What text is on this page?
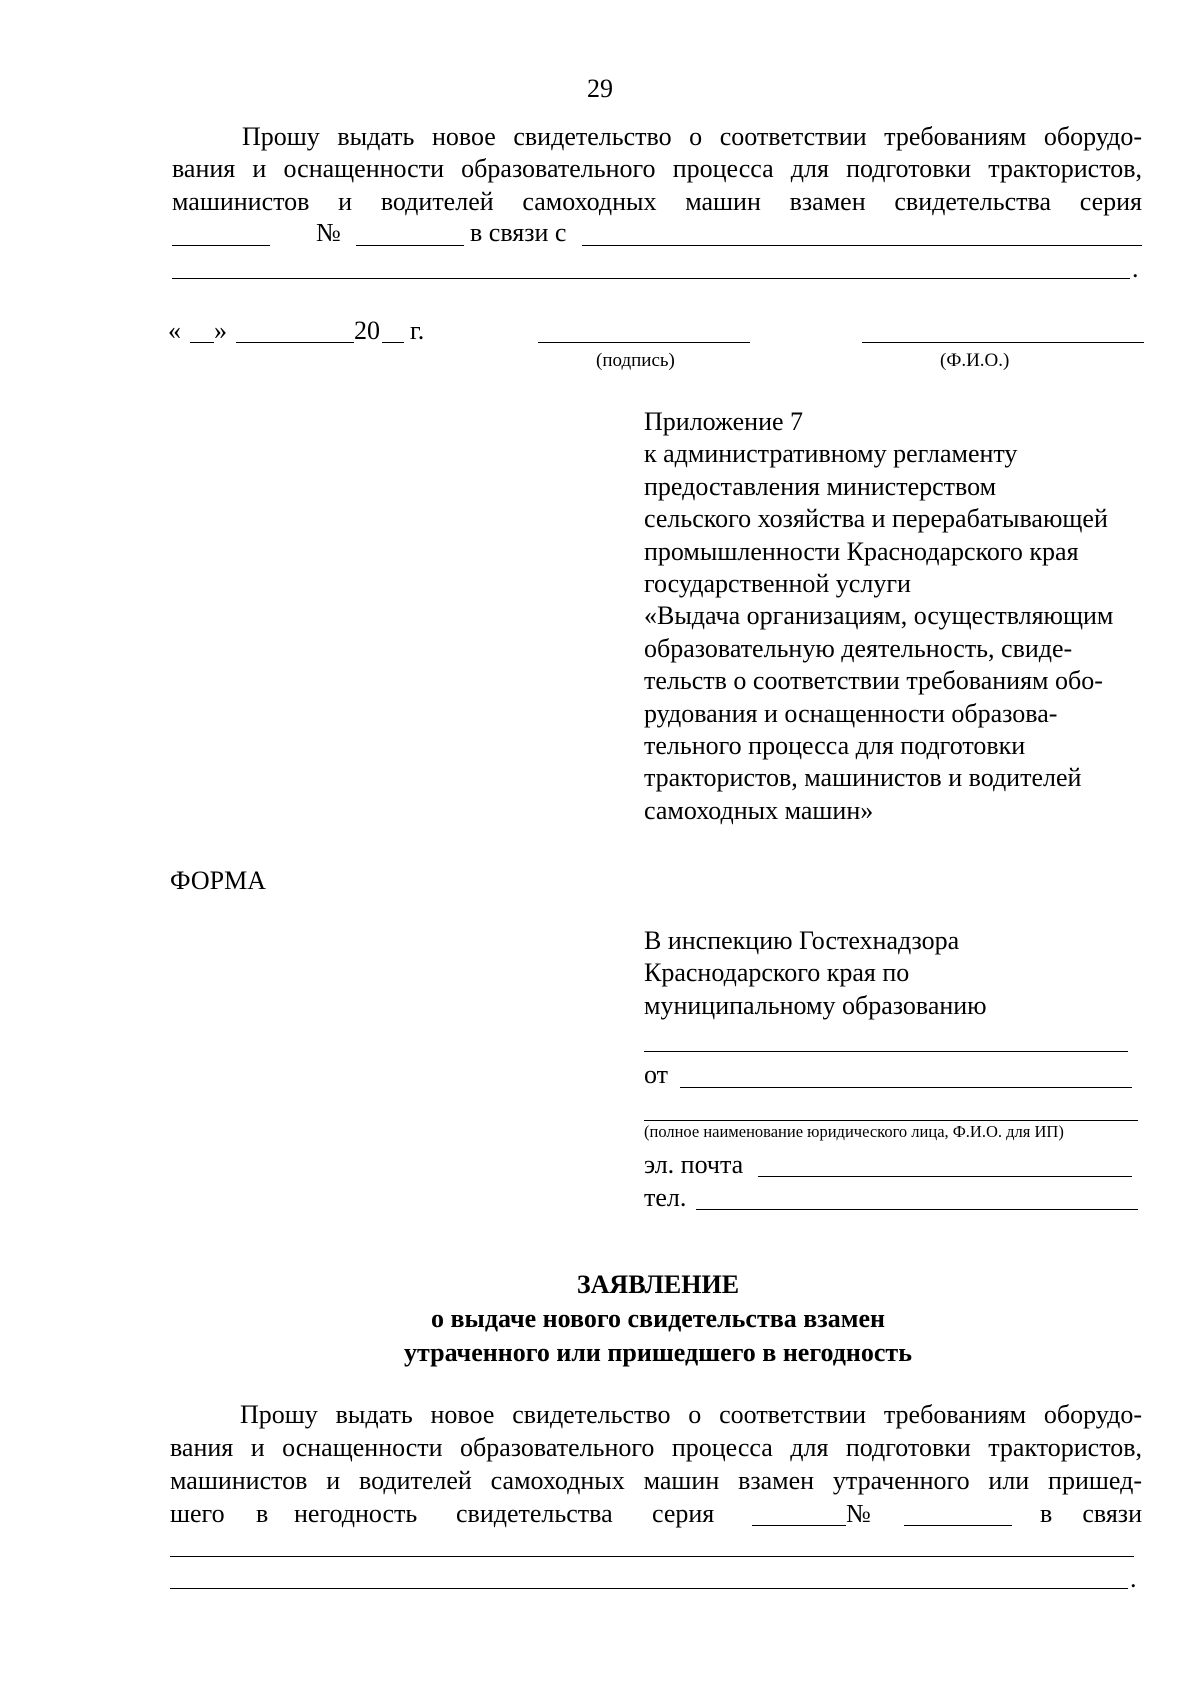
29
Прошу выдать новое свидетельство о соответствии требованиям оборудо-
вания и оснащенности образовательного процесса для подготовки трактористов,
машинистов и водителей самоходных машин взамен свидетельства серия
№	в связи с
.
« »	20 г.
(подпись)	(Ф.И.О.)
Приложение 7
к административному регламенту
предоставления министерством
сельского хозяйства и перерабатывающей
промышленности Краснодарского края
государственной услуги
«Выдача организациям, осуществляющим
образовательную деятельность, свиде-
тельств о соответствии требованиям обо-
рудования и оснащенности образова-
тельного процесса для подготовки
трактористов, машинистов и водителей
самоходных машин»
ФОРМА
В инспекцию Гостехнадзора
Краснодарского края по
муниципальному образованию
от
(полное наименование юридического лица, Ф.И.О. для ИП)
эл. почта
тел.
ЗАЯВЛЕНИЕ
о выдаче нового свидетельства взамен
утраченного или пришедшего в негодность
Прошу выдать новое свидетельство о соответствии требованиям оборудо-
вания и оснащенности образовательного процесса для подготовки трактористов,
машинистов и водителей самоходных машин взамен утраченного или пришед-
шего в негодность свидетельства серия	№	в связи
.
